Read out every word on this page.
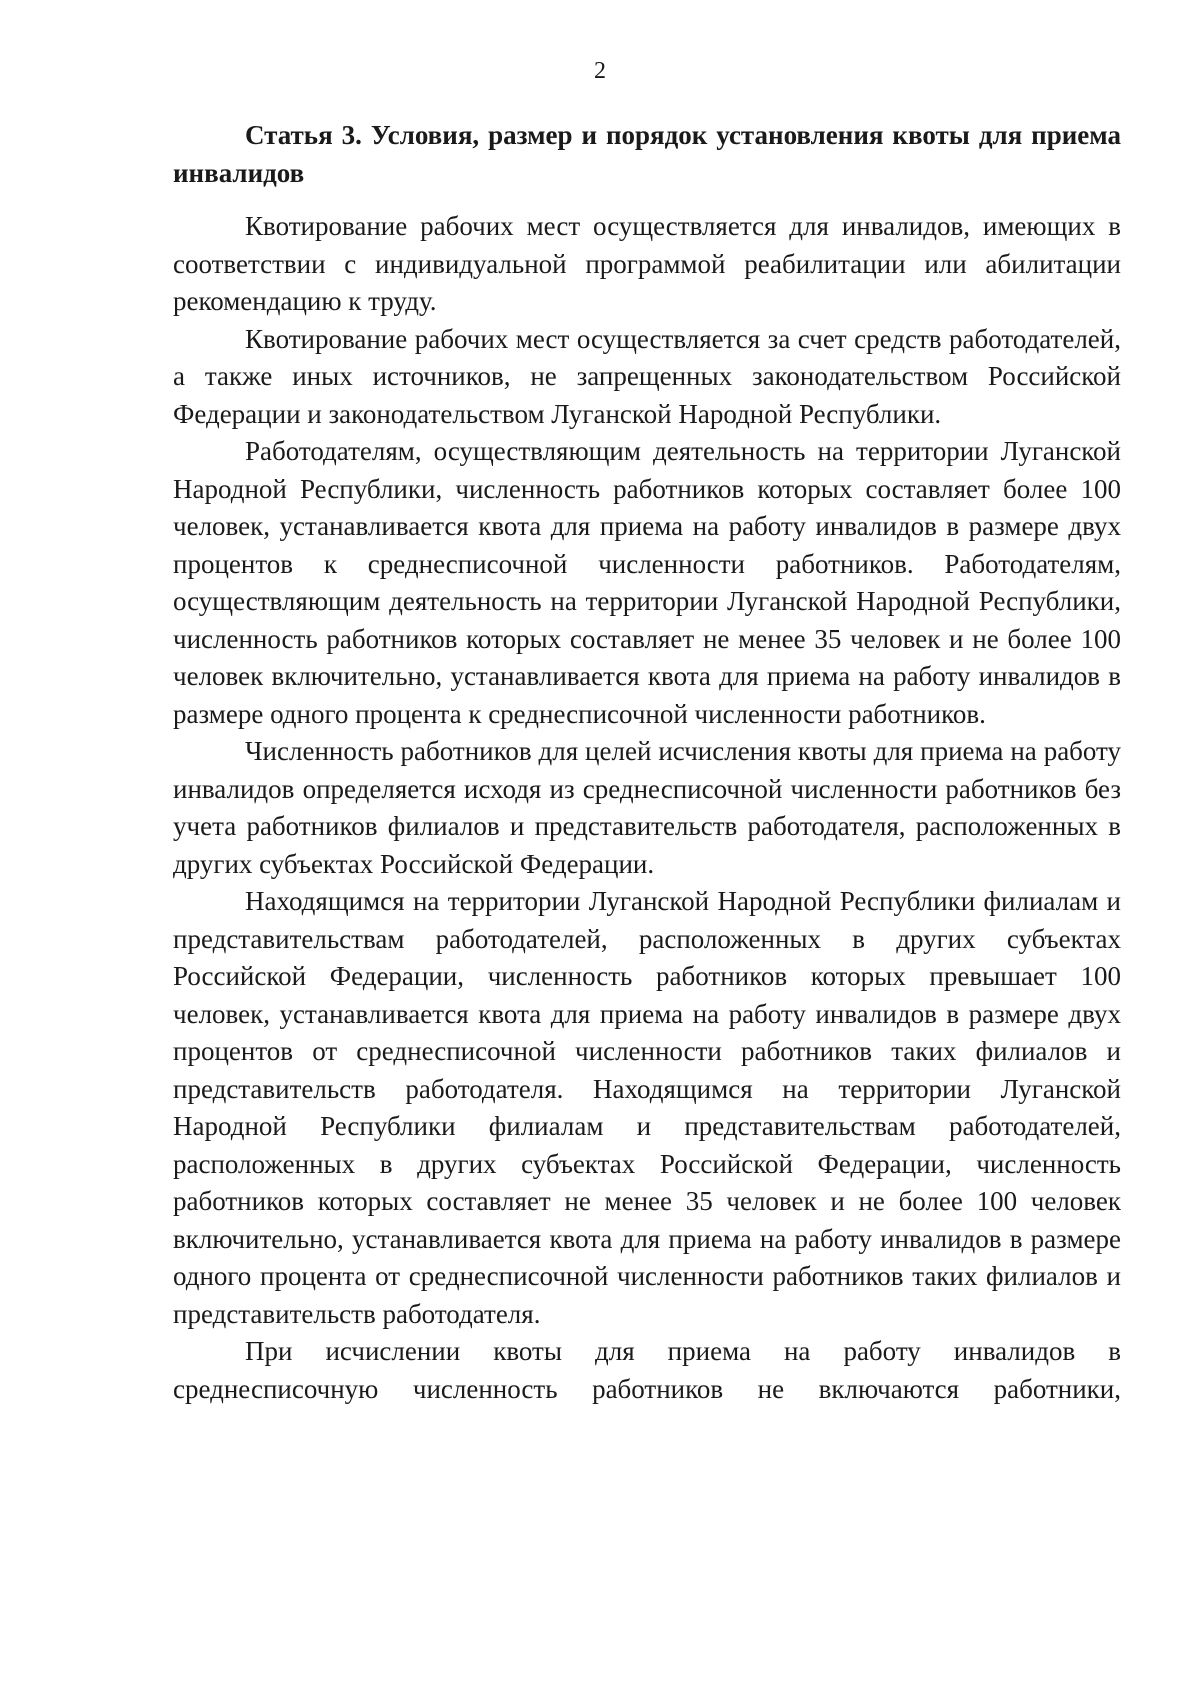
2

Статья 3. Условия, размер и порядок установления квоты для приема инвалидов

Квотирование рабочих мест осуществляется для инвалидов, имеющих в соответствии с индивидуальной программой реабилитации или абилитации рекомендацию к труду.

Квотирование рабочих мест осуществляется за счет средств работодателей, а также иных источников, не запрещенных законодательством Российской Федерации и законодательством Луганской Народной Республики.

Работодателям, осуществляющим деятельность на территории Луганской Народной Республики, численность работников которых составляет более 100 человек, устанавливается квота для приема на работу инвалидов в размере двух процентов к среднесписочной численности работников. Работодателям, осуществляющим деятельность на территории Луганской Народной Республики, численность работников которых составляет не менее 35 человек и не более 100 человек включительно, устанавливается квота для приема на работу инвалидов в размере одного процента к среднесписочной численности работников.

Численность работников для целей исчисления квоты для приема на работу инвалидов определяется исходя из среднесписочной численности работников без учета работников филиалов и представительств работодателя, расположенных в других субъектах Российской Федерации.

Находящимся на территории Луганской Народной Республики филиалам и представительствам работодателей, расположенных в других субъектах Российской Федерации, численность работников которых превышает 100 человек, устанавливается квота для приема на работу инвалидов в размере двух процентов от среднесписочной численности работников таких филиалов и представительств работодателя. Находящимся на территории Луганской Народной Республики филиалам и представительствам работодателей, расположенных в других субъектах Российской Федерации, численность работников которых составляет не менее 35 человек и не более 100 человек включительно, устанавливается квота для приема на работу инвалидов в размере одного процента от среднесписочной численности работников таких филиалов и представительств работодателя.

При исчислении квоты для приема на работу инвалидов в среднесписочную численность работников не включаются работники,
